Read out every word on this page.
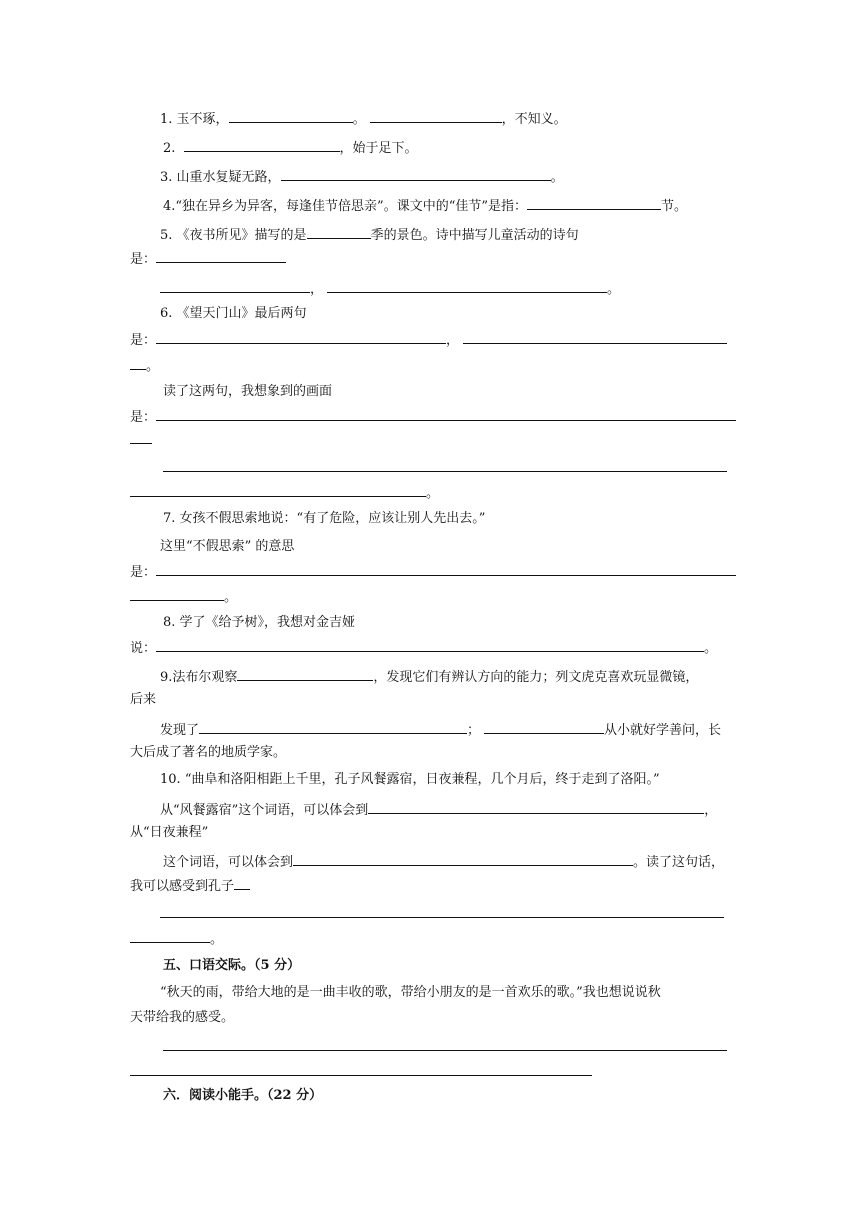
1. 玉不琢，	。	，不知义。
2.	，始于足下。
3. 山重水复疑无路，	。
4.“独在异乡为异客，每逢佳节倍思亲”。课文中的“佳节”是指：	节。
5. 《夜书所见》描写的是	季的景色。诗中描写儿童活动的诗句
是：
，	。
6. 《望天门山》最后两句
是：	，
。
读了这两句，我想象到的画面
是：
。
7. 女孩不假思索地说：“有了危险，应该让别人先出去。”
这里“不假思索” 的意思
是：
。
8. 学了《给予树》，我想对金吉娅
说：	。
9.法布尔观察	，发现它们有辨认方向的能力；列文虎克喜欢玩显微镜，
后来
发现了	；	从小就好学善问，长
大后成了著名的地质学家。
10. “曲阜和洛阳相距上千里，孔子风餐露宿，日夜兼程，几个月后，终于走到了洛阳。”
从“风餐露宿”这个词语，可以体会到	，
从“日夜兼程”
这个词语，可以体会到	。读了这句话，
我可以感受到孔子
。
五、口语交际。（5 分）
“秋天的雨，带给大地的是一曲丰收的歌，带给小朋友的是一首欢乐的歌。”我也想说说秋
天带给我的感受。
六．阅读小能手。（22 分）
